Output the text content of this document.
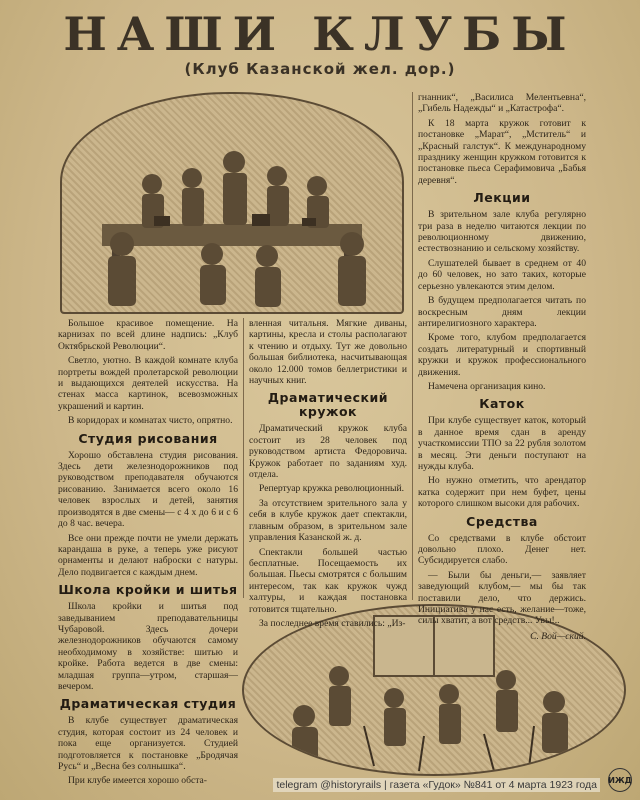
НАШИ КЛУБЫ
(Клуб Казанской жел. дор.)

Большое красивое помещение. На карнизах по всей длине надпись: „Клуб Октябрьской Революции“.

Светло, уютно. В каждой комнате клуба портреты вождей пролетарской революции и выдающихся деятелей искусства. На стенах масса картинок, всевозможных украшений и картин.

В коридорах и комнатах чисто, опрятно.

Студия рисования

Хорошо обставлена студия рисования. Здесь дети железнодорожников под руководством преподавателя обучаются рисованию. Занимается всего около 16 человек взрослых и детей, занятия производятся в две смены— с 4 х до 6 и с 6 до 8 час. вечера.

Все они прежде почти не умели держать карандаша в руке, а теперь уже рисуют орнаменты и делают наброски с натуры. Дело подвигается с каждым днем.

Школа кройки и шитья

Школа кройки и шитья под заведыванием преподавательницы Чубаровой. Здесь дочери железнодорожников обучаются самому необходимому в хозяйстве: шитью и кройке. Работа ведется в две смены: младшая группа—утром, старшая—вечером.

Драматическая студия

В клубе существует драматическая студия, которая состоит из 24 человек и пока еще организуется. Студией подготовляется к постановке „Бродячая Русь“ и „Весна без солнышка“.

При клубе имеется хорошо обста-

вленная читальня. Мягкие диваны, картины, кресла и столы располагают к чтению и отдыху. Тут же довольно большая библиотека, насчитывающая около 12.000 томов беллетристики и научных книг.

Драматический кружок

Драматический кружок клуба состоит из 28 человек под руководством артиста Федоровича. Кружок работает по заданиям худ. отдела.

Репертуар кружка революционный.

За отсутствием зрительного зала у себя в клубе кружок дает спектакли, главным образом, в зрительном зале управления Казанской ж. д.

Спектакли большей частью бесплатные. Посещаемость их большая. Пьесы смотрятся с большим интересом, так как кружок чужд халтуры, и каждая постановка готовится тщательно.

За последнее время ставились: „Из-

гнанник“, „Василиса Мелентьевна“, „Гибель Надежды“ и „Катастрофа“.

К 18 марта кружок готовит к постановке „Марат“, „Мститель“ и „Красный галстук“. К международному празднику женщин кружком готовится к постановке пьеса Серафимовича „Бабья деревня“.

Лекции

В зрительном зале клуба регулярно три раза в неделю читаются лекции по революционному движению, естествознанию и сельскому хозяйству.

Слушателей бывает в среднем от 40 до 60 человек, но зато таких, которые серьезно увлекаются этим делом.

В будущем предполагается читать по воскресным дням лекции антирелигиозного характера.

Кроме того, клубом предполагается создать литературный и спортивный кружки и кружок профессионального движения.

Намечена организация кино.

Каток

При клубе существует каток, который в данное время сдан в аренду участкомиссии ТПО за 22 рубля золотом в месяц. Эти деньги поступают на нужды клуба.

Но нужно отметить, что арендатор катка содержит при нем буфет, цены которого слишком высоки для рабочих.

Средства

Со средствами в клубе обстоит довольно плохо. Денег нет. Субсидируется слабо.

— Были бы деньги,— заявляет заведующий клубом,— мы бы так поставили дело, что держись. Инициатива у нас есть, желание—тоже, силы хватит, а вот средств... Увы!..

С. Вой—ский.
telegram @historyrails | газета «Гудок» №841 от 4 марта 1923 года	ИЖД
